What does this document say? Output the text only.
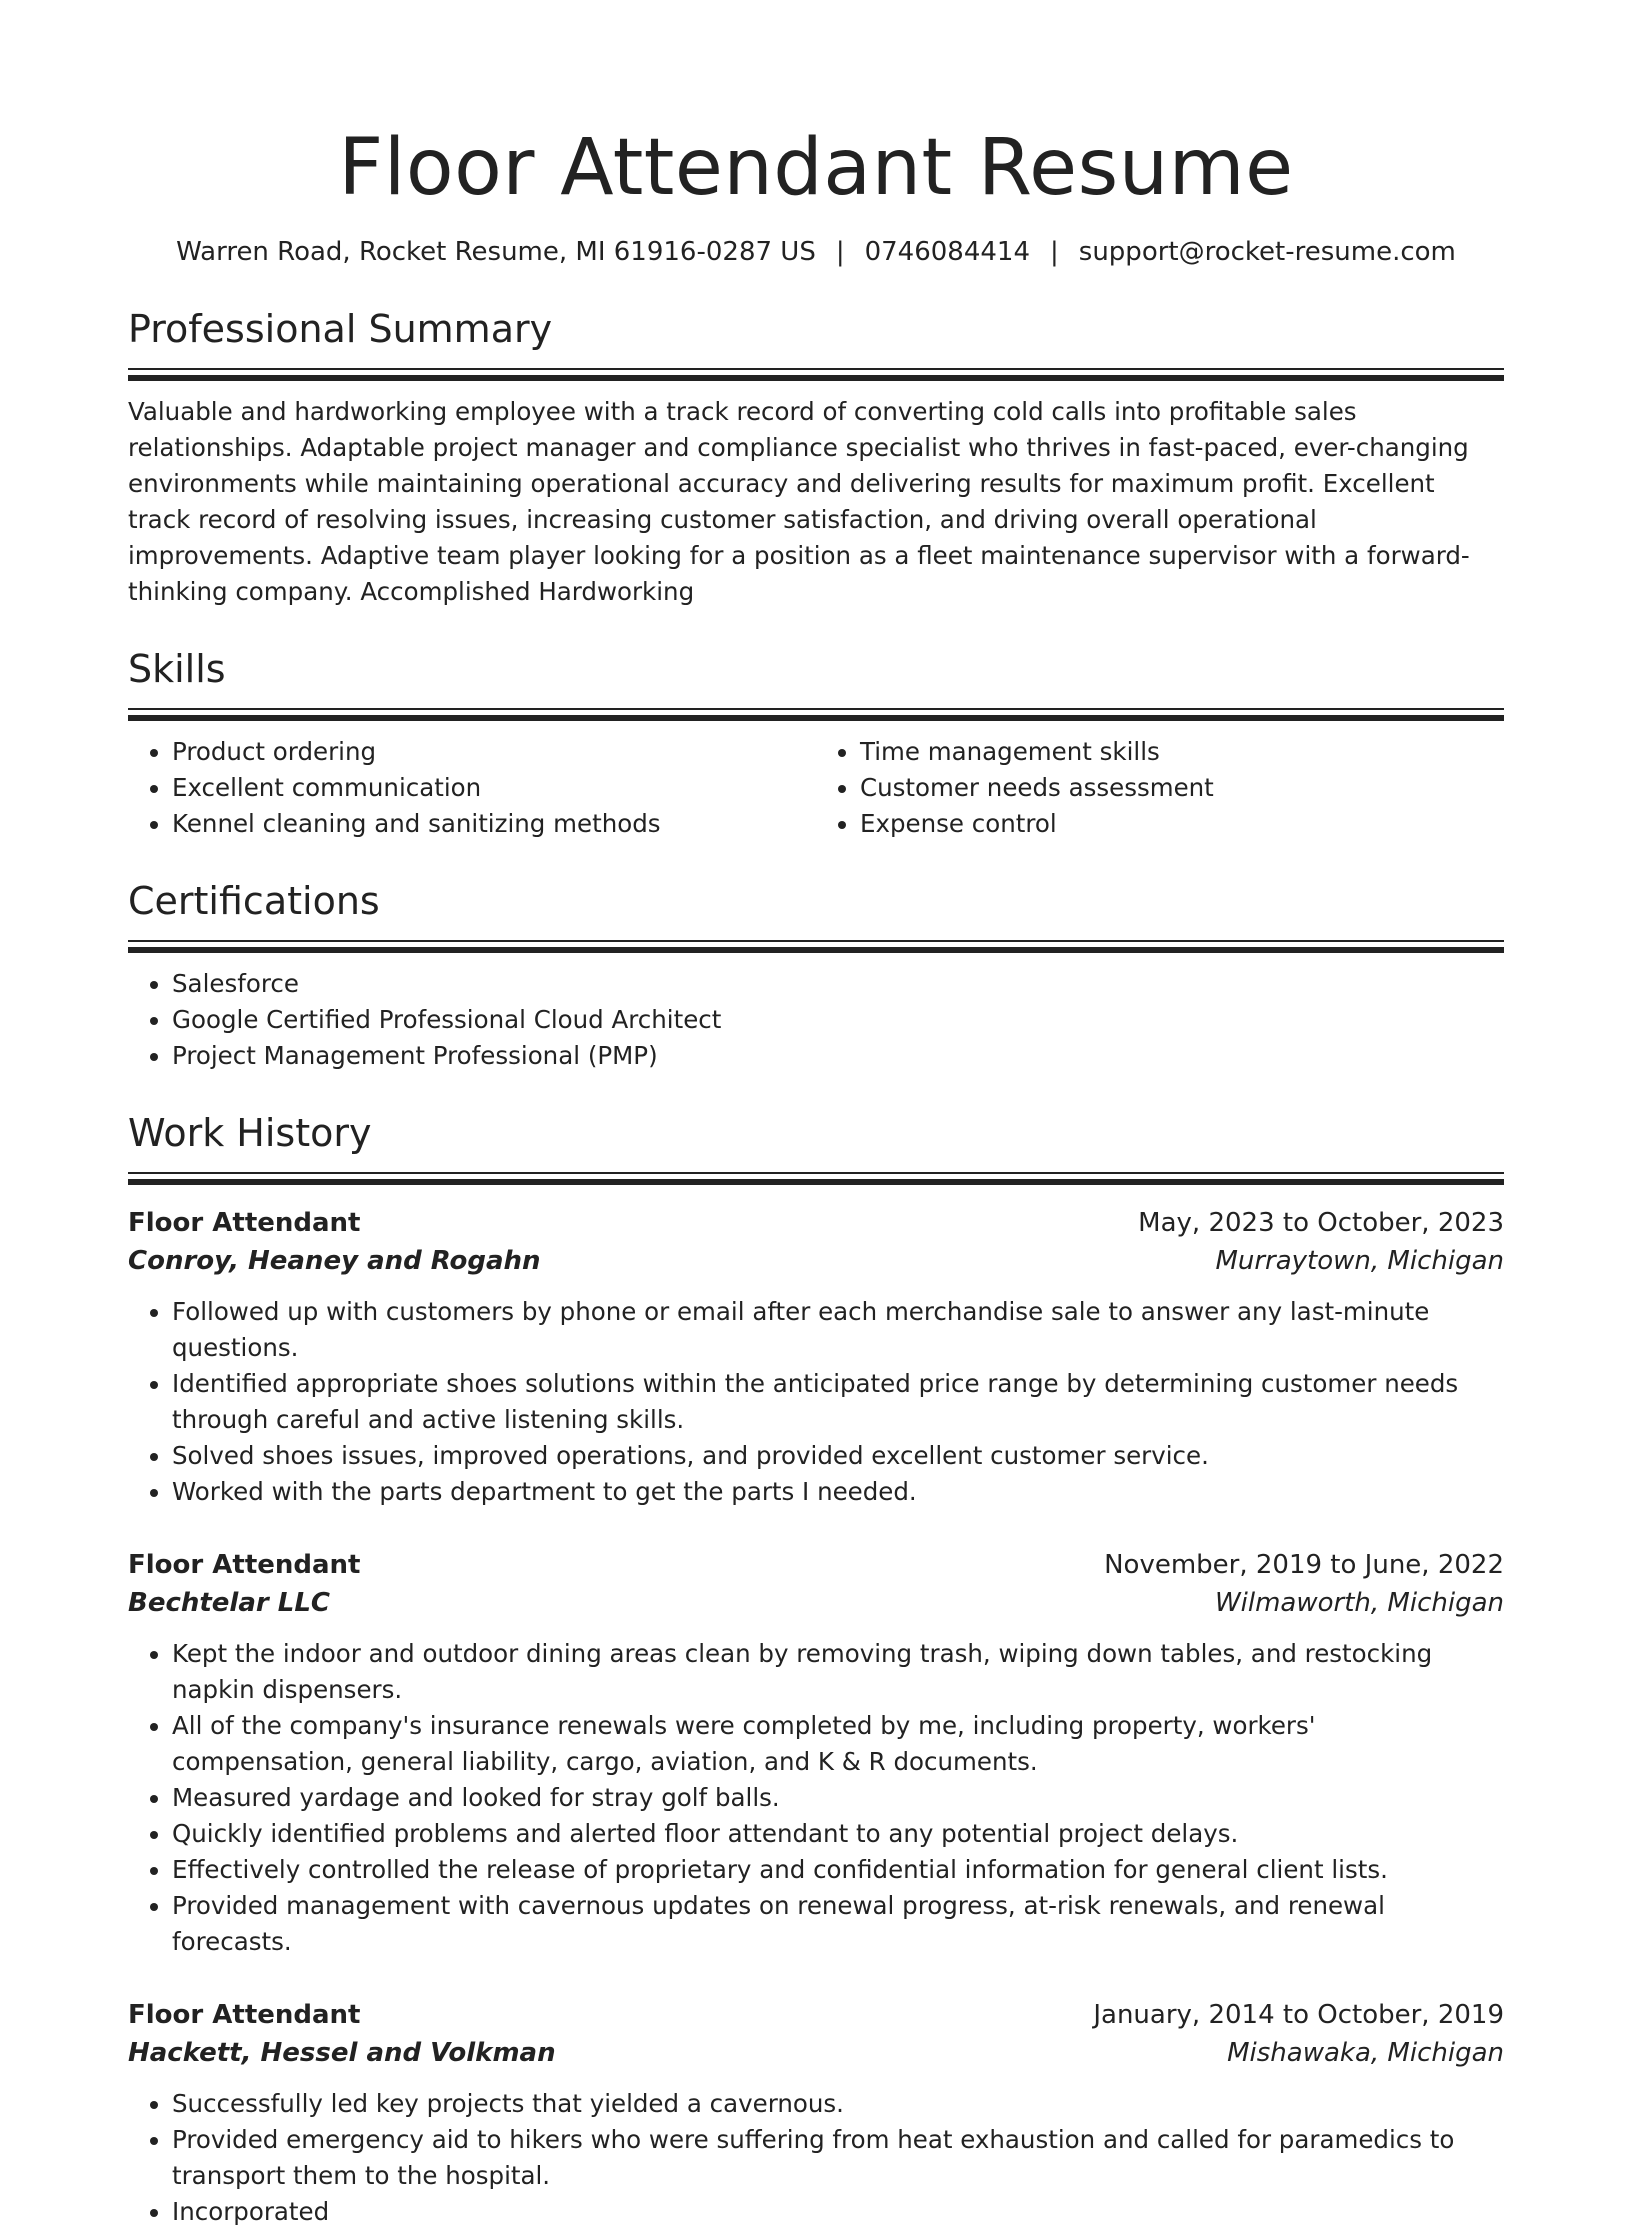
Floor Attendant Resume
Warren Road, Rocket Resume, MI 61916-0287 US | 0746084414 | support@rocket-resume.com
Professional Summary
Valuable and hardworking employee with a track record of converting cold calls into profitable sales relationships. Adaptable project manager and compliance specialist who thrives in fast-paced, ever-changing environments while maintaining operational accuracy and delivering results for maximum profit. Excellent track record of resolving issues, increasing customer satisfaction, and driving overall operational improvements. Adaptive team player looking for a position as a fleet maintenance supervisor with a forward-thinking company. Accomplished Hardworking
Skills
• Product ordering
• Excellent communication
• Kennel cleaning and sanitizing methods
• Time management skills
• Customer needs assessment
• Expense control
Certifications
• Salesforce
• Google Certified Professional Cloud Architect
• Project Management Professional (PMP)
Work History
Floor Attendant	May, 2023 to October, 2023
Conroy, Heaney and Rogahn	Murraytown, Michigan
• Followed up with customers by phone or email after each merchandise sale to answer any last-minute questions.
• Identified appropriate shoes solutions within the anticipated price range by determining customer needs through careful and active listening skills.
• Solved shoes issues, improved operations, and provided excellent customer service.
• Worked with the parts department to get the parts I needed.
Floor Attendant	November, 2019 to June, 2022
Bechtelar LLC	Wilmaworth, Michigan
• Kept the indoor and outdoor dining areas clean by removing trash, wiping down tables, and restocking napkin dispensers.
• All of the company's insurance renewals were completed by me, including property, workers' compensation, general liability, cargo, aviation, and K & R documents.
• Measured yardage and looked for stray golf balls.
• Quickly identified problems and alerted floor attendant to any potential project delays.
• Effectively controlled the release of proprietary and confidential information for general client lists.
• Provided management with cavernous updates on renewal progress, at-risk renewals, and renewal forecasts.
Floor Attendant	January, 2014 to October, 2019
Hackett, Hessel and Volkman	Mishawaka, Michigan
• Successfully led key projects that yielded a cavernous.
• Provided emergency aid to hikers who were suffering from heat exhaustion and called for paramedics to transport them to the hospital.
• Incorporated
